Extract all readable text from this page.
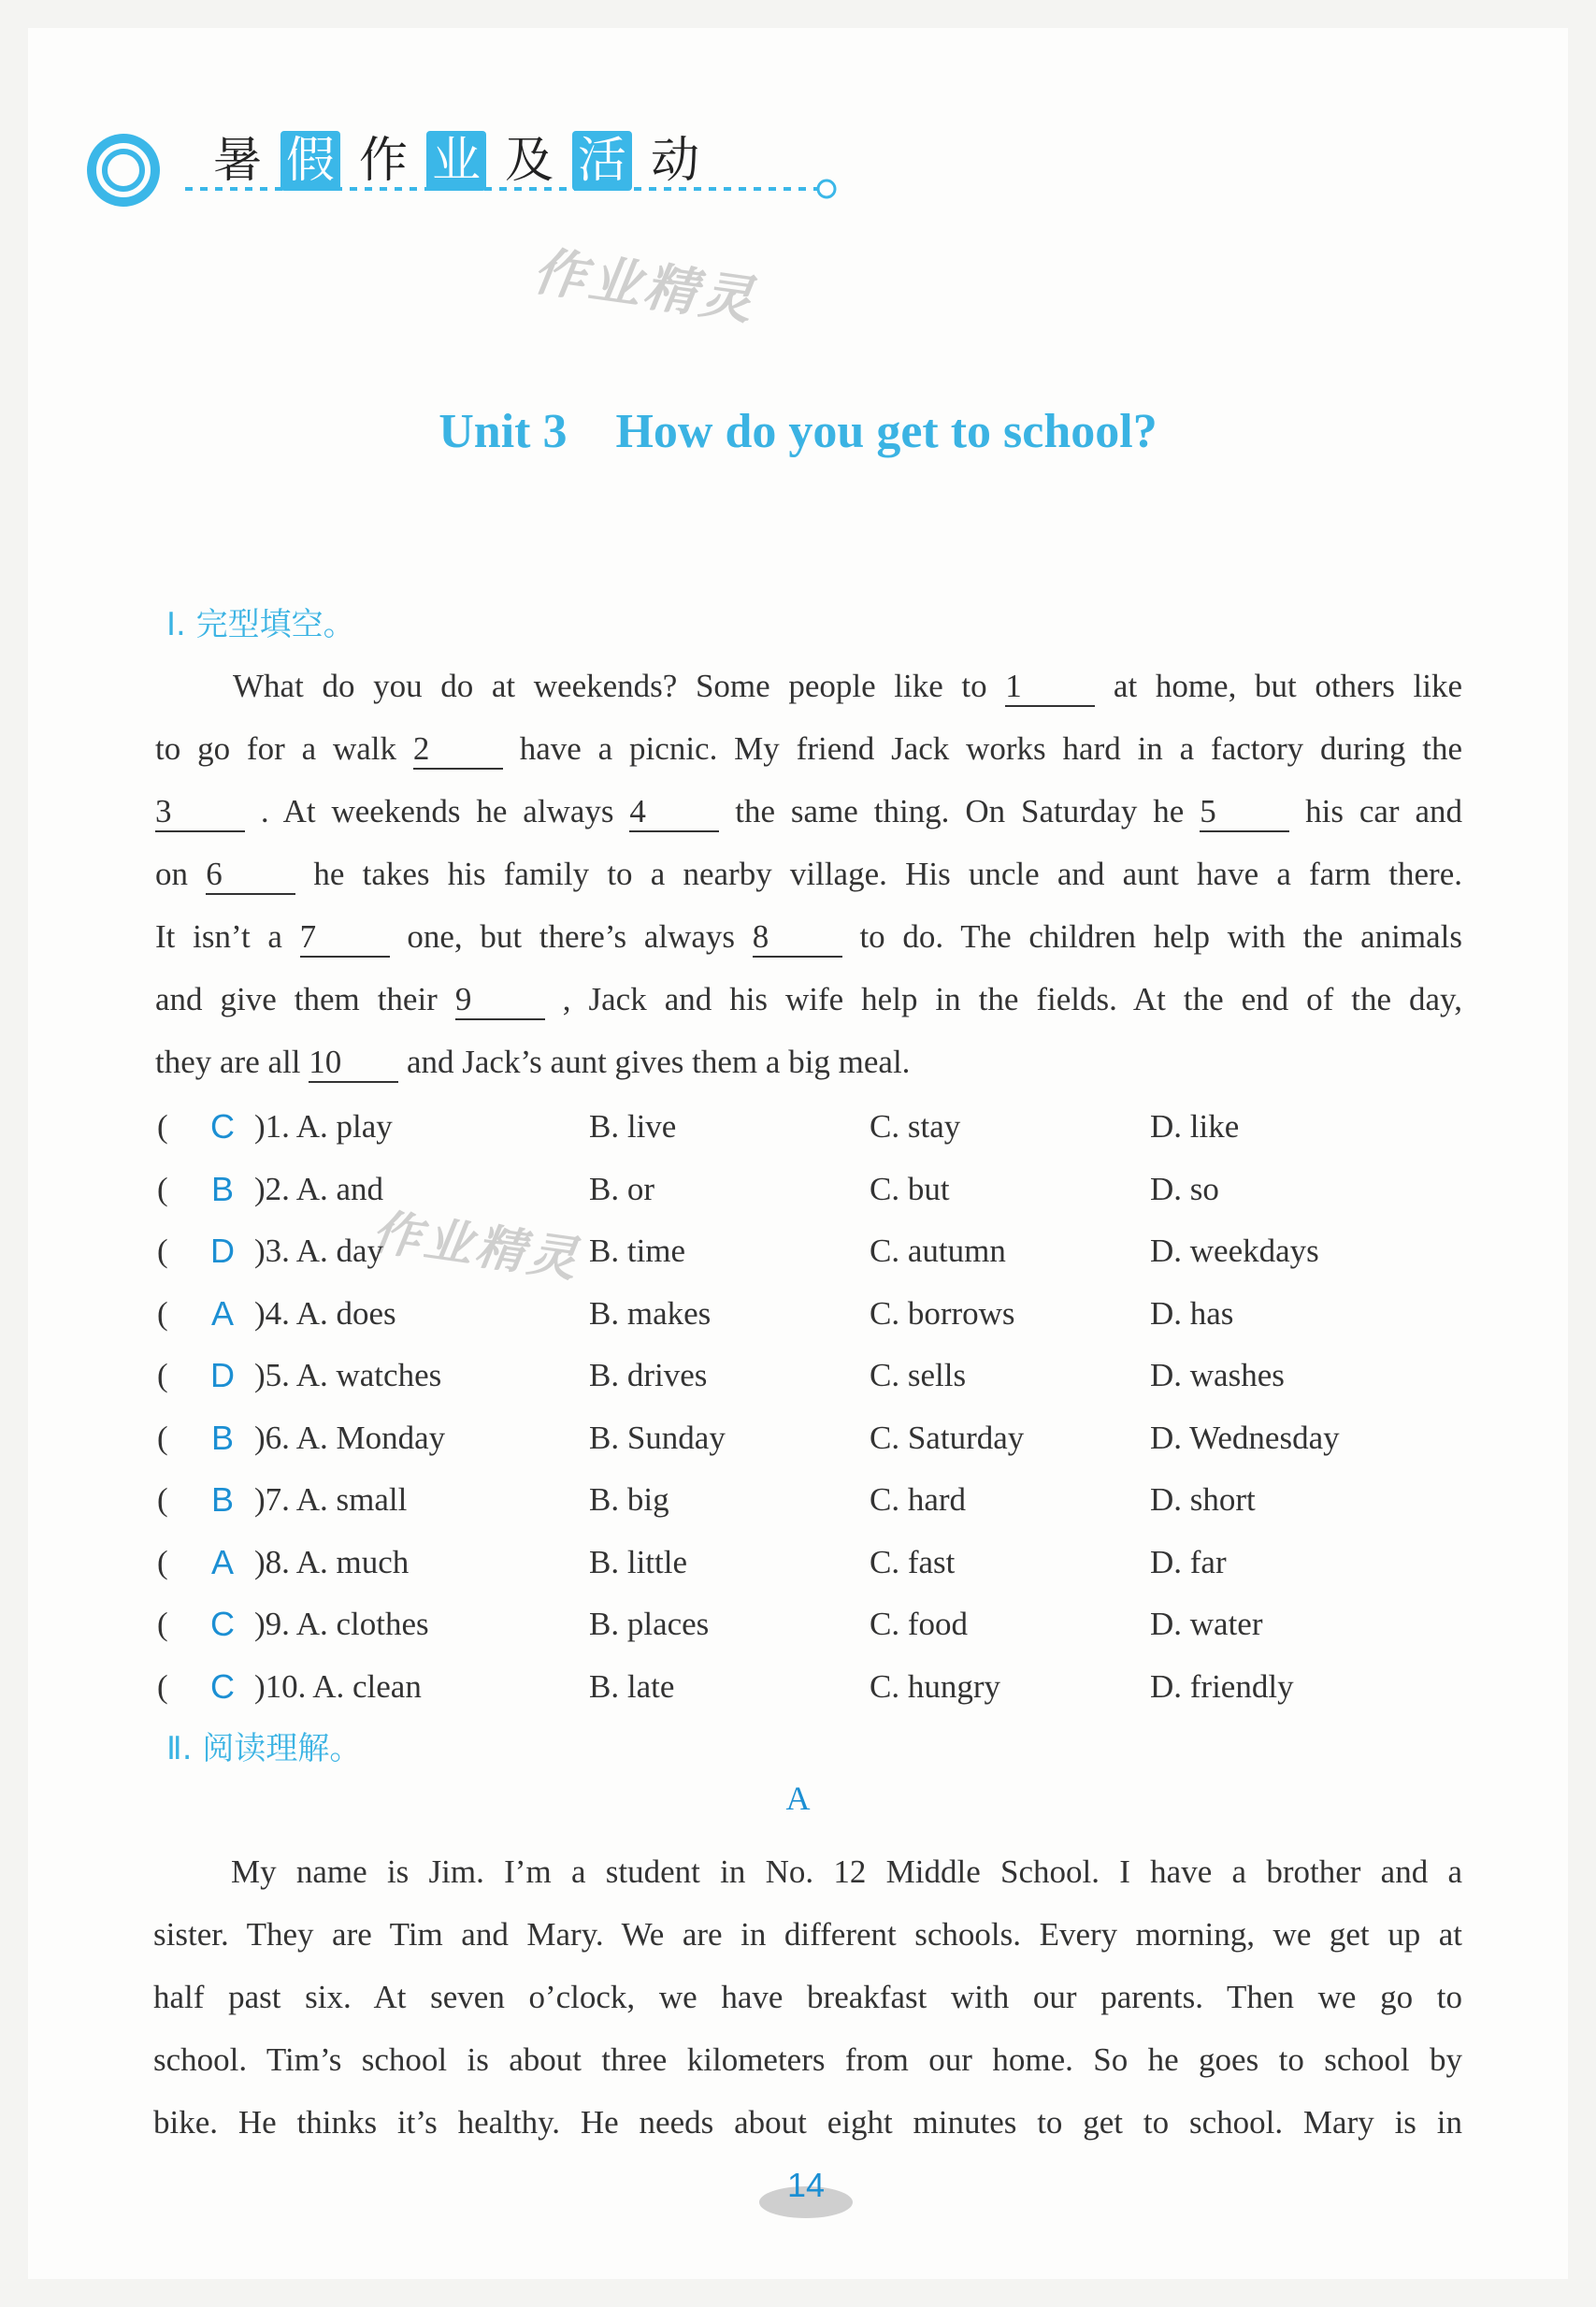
暑 假 作 业 及 活 动
作业精灵
作业精灵
Unit 3    How do you get to school?
Ⅰ. 完型填空。
What do you do at weekends? Some people like to 1 at home, but others like
to go for a walk 2 have a picnic. My friend Jack works hard in a factory during the
3 . At weekends he always 4 the same thing. On Saturday he 5 his car and
on 6 he takes his family to a nearby village. His uncle and aunt have a farm there.
It isn’t a 7 one, but there’s always 8 to do. The children help with the animals
and give them their 9 , Jack and his wife help in the fields. At the end of the day,
they are all 10 and Jack’s aunt gives them a big meal.
(	C )1. A. play	B. live	C. stay	D. like
(	B )2. A. and	B. or	C. but	D. so
(	D )3. A. day	B. time	C. autumn	D. weekdays
(	A )4. A. does	B. makes	C. borrows	D. has
(	D )5. A. watches	B. drives	C. sells	D. washes
(	B )6. A. Monday	B. Sunday	C. Saturday	D. Wednesday
(	B )7. A. small	B. big	C. hard	D. short
(	A )8. A. much	B. little	C. fast	D. far
(	C )9. A. clothes	B. places	C. food	D. water
(	C )10. A. clean	B. late	C. hungry	D. friendly
Ⅱ. 阅读理解。
A
My name is Jim. I’m a student in No. 12 Middle School. I have a brother and a
sister. They are Tim and Mary. We are in different schools. Every morning, we get up at
half past six. At seven o’clock, we have breakfast with our parents. Then we go to
school. Tim’s school is about three kilometers from our home. So he goes to school by
bike. He thinks it’s healthy. He needs about eight minutes to get to school. Mary is in
14
